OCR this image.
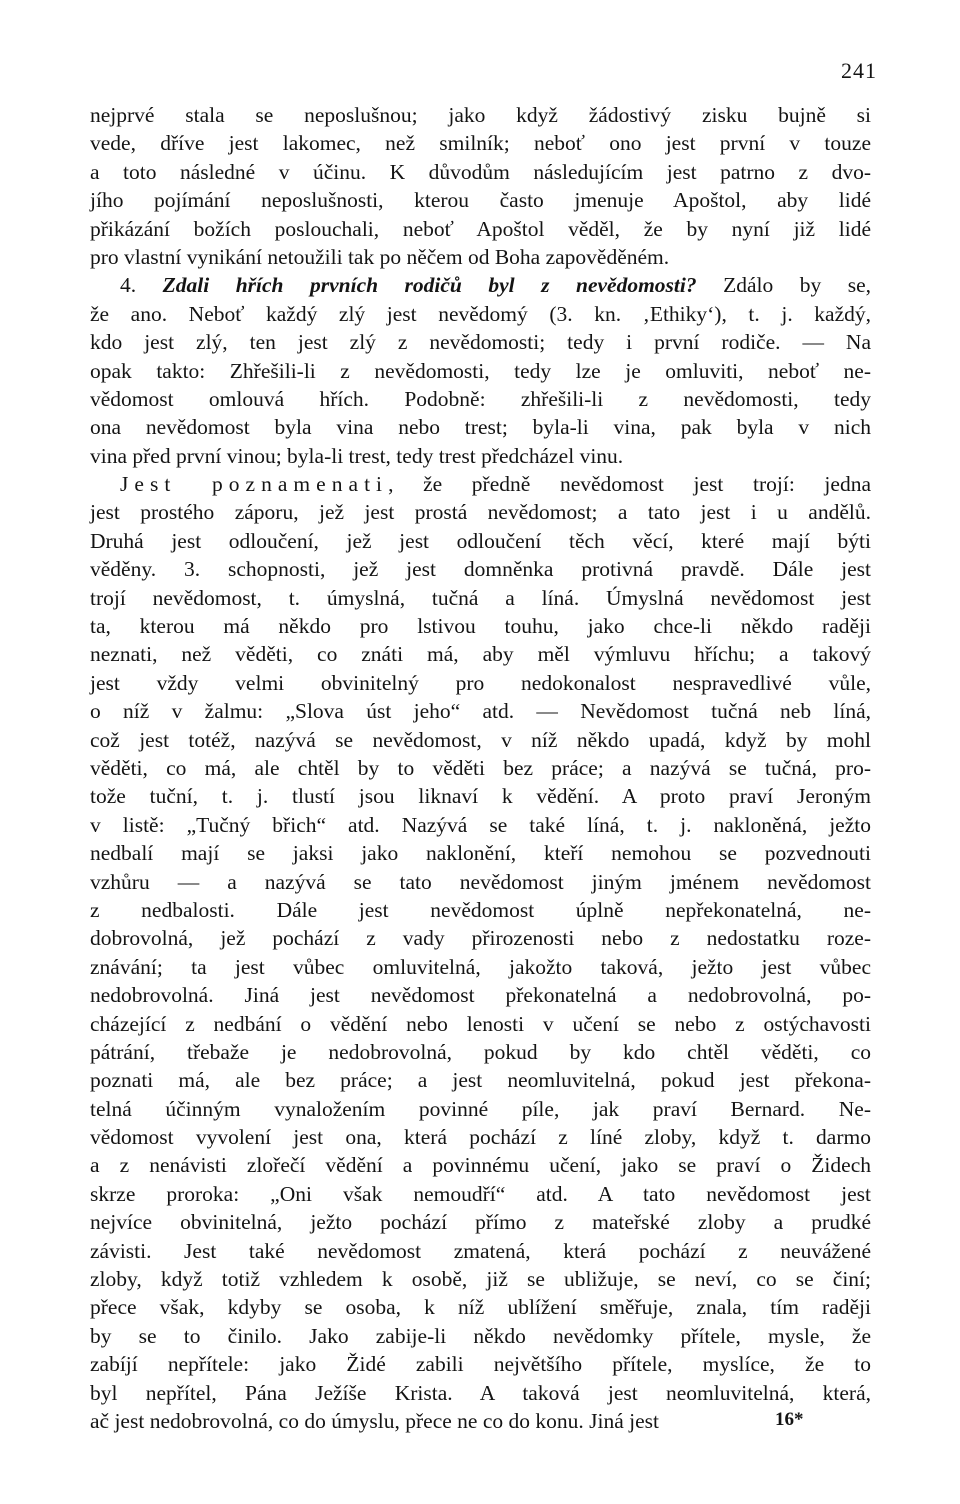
241
nejprvé stala se neposlušnou; jako když žádostivý zisku bujně si
vede, dříve jest lakomec, než smilník; neboť ono jest první v touze
a toto následné v účinu. K důvodům následujícím jest patrno z dvo-
jího pojímání neposlušnosti, kterou často jmenuje Apoštol, aby lidé
přikázání božích poslouchali, neboť Apoštol věděl, že by nyní již lidé
pro vlastní vynikání netoužili tak po něčem od Boha zapověděném.
4. Zdali hřích prvních rodičů byl z nevědomosti? Zdálo by se,
že ano. Neboť každý zlý jest nevědomý (3. kn. ‚Ethiky‘), t. j. každý,
kdo jest zlý, ten jest zlý z nevědomosti; tedy i první rodiče. — Na
opak takto: Zhřešili-li z nevědomosti, tedy lze je omluviti, neboť ne-
vědomost omlouvá hřích. Podobně: zhřešili-li z nevědomosti, tedy
ona nevědomost byla vina nebo trest; byla-li vina, pak byla v nich
vina před první vinou; byla-li trest, tedy trest předcházel vinu.
Jest poznamenati, že předně nevědomost jest trojí: jedna
jest prostého záporu, jež jest prostá nevědomost; a tato jest i u andělů.
Druhá jest odloučení, jež jest odloučení těch věcí, které mají býti
věděny. 3. schopnosti, jež jest domněnka protivná pravdě. Dále jest
trojí nevědomost, t. úmyslná, tučná a líná. Úmyslná nevědomost jest
ta, kterou má někdo pro lstivou touhu, jako chce-li někdo raději
neznati, než věděti, co znáti má, aby měl výmluvu hříchu; a takový
jest vždy velmi obvinitelný pro nedokonalost nespravedlivé vůle,
o níž v žalmu: „Slova úst jeho“ atd. — Nevědomost tučná neb líná,
což jest totéž, nazývá se nevědomost, v níž někdo upadá, když by mohl
věděti, co má, ale chtěl by to věděti bez práce; a nazývá se tučná, pro-
tože tuční, t. j. tlustí jsou liknaví k vědění. A proto praví Jeroným
v listě: „Tučný břich“ atd. Nazývá se také líná, t. j. nakloněná, ježto
nedbalí mají se jaksi jako naklonění, kteří nemohou se pozvednouti
vzhůru — a nazývá se tato nevědomost jiným jménem nevědomost
z nedbalosti. Dále jest nevědomost úplně nepřekonatelná, ne-
dobrovolná, jež pochází z vady přirozenosti nebo z nedostatku roze-
znávání; ta jest vůbec omluvitelná, jakožto taková, ježto jest vůbec
nedobrovolná. Jiná jest nevědomost překonatelná a nedobrovolná, po-
cházející z nedbání o vědění nebo lenosti v učení se nebo z ostýchavosti
pátrání, třebaže je nedobrovolná, pokud by kdo chtěl věděti, co
poznati má, ale bez práce; a jest neomluvitelná, pokud jest překona-
telná účinným vynaložením povinné píle, jak praví Bernard. Ne-
vědomost vyvolení jest ona, která pochází z líné zloby, když t. darmo
a z nenávisti zlořečí vědění a povinnému učení, jako se praví o Židech
skrze proroka: „Oni však nemoudří“ atd. A tato nevědomost jest
nejvíce obvinitelná, ježto pochází přímo z mateřské zloby a prudké
závisti. Jest také nevědomost zmatená, která pochází z neuvážené
zloby, když totiž vzhledem k osobě, již se ubližuje, se neví, co se činí;
přece však, kdyby se osoba, k níž ublížení směřuje, znala, tím raději
by se to činilo. Jako zabije-li někdo nevědomky přítele, mysle, že
zabíjí nepřítele: jako Židé zabili největšího přítele, myslíce, že to
byl nepřítel, Pána Ježíše Krista. A taková jest neomluvitelná, která,
ač jest nedobrovolná, co do úmyslu, přece ne co do konu. Jiná jest	16*
